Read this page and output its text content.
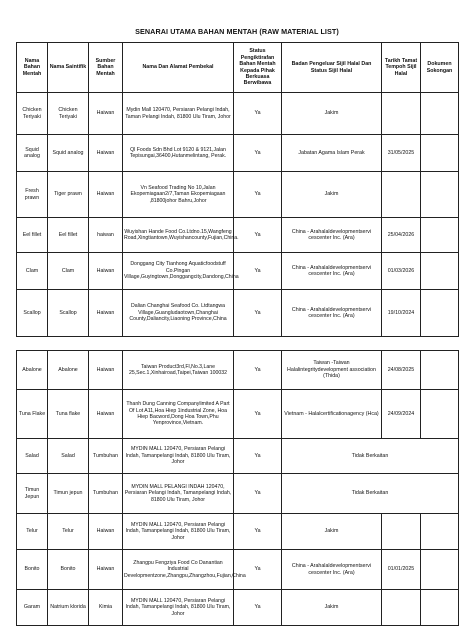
SENARAI UTAMA BAHAN MENTAH (RAW MATERIAL LIST)
Nama Bahan Mentah	Nama Saintifik	Sumber Bahan Mentah	Nama Dan Alamat Pembekal	Status Pengiktirafan Bahan Mentah Kepada Pihak Berkuasa Berwibawa	Badan Pengeluar Sijil Halal Dan Status Sijil Halal	Tarikh Tamat Tempoh Sijil Halal	Dokumen Sokongan
Chicken Teriyaki	Chicken Teriyaki	Haiwan	Mydin Mall 120470, Persiaran Pelangi Indah, Taman Pelangi Indah, 81800 Ulu Tiram, Johor	Ya	Jakim		
Squid analog	Squid analog	Haiwan	Ql Foods Sdn Bhd Lot 9120 & 9121,Jalan Tepisungai,36400,Hutanmelintang, Perak.	Ya	Jabatan Agama Islam Perak	31/05/2025	
Fresh prawn	Tiger prawn	Haiwan	Vn Seafood Trading No 10,Jalan Ekopemiagaan2/7,Taman Ekopemiagaan ,81800johor Bahru,Johor	Ya	Jakim		
Eel fillet	Eel fillet	haiwan	Wuyishan Hande Food Co.Ltdno.15,Wangfeng Road,Xingtiantown,Wuyishancounty,Fujian,China.	Ya	China - Arahalaldevelopmentservi cescenter Inc. (Ara)	25/04/2026	
Clam	Clam	Haiwan	Donggang City Tianhong Aquaticfoodstuff Co.Pingan Village,Guyingtown,Donggangcity,Dandong,China	Ya	China - Arahalaldevelopmentservi cescenter Inc. (Ara)	01/03/2026	
Scallop	Scallop	Haiwan	Dalian Changhai Seafood Co. Ltdtangwa Village,Guangludaotown,Changhai County,Daliancity,Liaoning Province,China	Ya	China - Arahalaldevelopmentservi cescenter Inc. (Ara)	19/10/2024	
Abalone	Abalone	Haiwan	Taiwan Product3rd,Fl,No.3,Lane 25,Sec.1,Xinhairoad,Taipei,Taiwan 100032	Ya	Taiwan -Taiwan Halalintegritydevelopment association (Thida)	24/08/2025	
Tuna Flake	Tuna flake	Haiwan	Thanh Dung Canning Companylimited A Part Of Lot A11,Hoa Hiep 1industrial Zone, Hoa Hiep Bacword,Dong Hoa Town,Phu Yenprovince,Vietnam.	Ya	Vietnam - Halalcertificationagency (Hca)	24/09/2024	
Salad	Salad	Tumbuhan	MYDIN MALL 120470, Persiaran Pelangi Indah, Tamanpelangi Indah, 81800 Ulu Tiram, Johor	Ya	Tidak Berkaitan		
Timun Jepun	Timun jepun	Tumbuhan	MYDIN MALL PELANGI INDAH 120470, Persiaran Pelangi Indah, Tamanpelangi Indah, 81800 Ulu Tiram, Johor	Ya	Tidak Berkaitan		
Telur	Telur	Haiwan	MYDIN MALL 120470, Persiaran Pelangi Indah, Tamanpelangi Indah, 81800 Ulu Tiram, Johor	Ya	Jakim		
Bonito	Bonito	Haiwan	Zhangpu Fengziya Food Co Danantian Industrial Developmentzone,Zhangpu,Zhangzhou,Fujian,China	Ya	China - Arahalaldevelopmentservi cescenter Inc. (Ara)	01/01/2025	
Garam	Natrium klorida	Kimia	MYDIN MALL 120470, Persiaran Pelangi Indah, Tamanpelangi Indah, 81800 Ulu Tiram, Johor	Ya	Jakim		
